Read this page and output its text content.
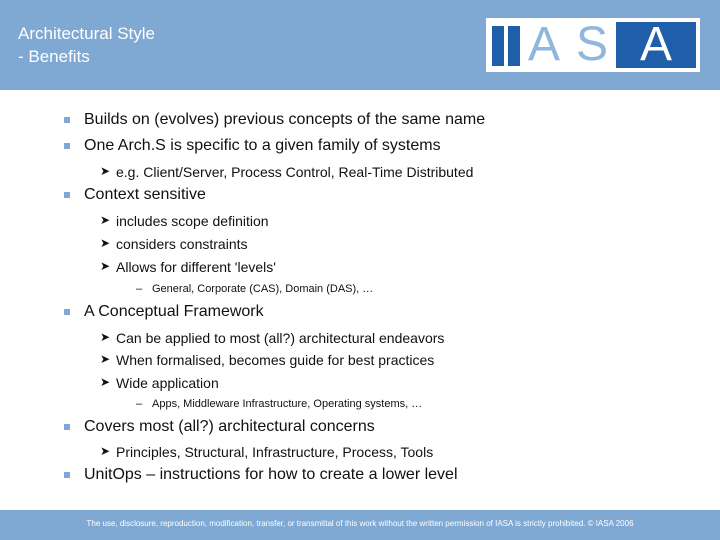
Architectural Style
- Benefits	A S A
Builds on (evolves) previous concepts of the same name
One Arch.S is specific to a given family of systems
➤ e.g. Client/Server, Process Control, Real-Time Distributed
Context sensitive
➤ includes scope definition
➤ considers constraints
➤ Allows for different 'levels'
– General, Corporate (CAS), Domain (DAS), …
A Conceptual Framework
➤ Can be applied to most (all?) architectural endeavors
➤ When formalised, becomes guide for best practices
➤ Wide application
– Apps, Middleware Infrastructure, Operating systems, …
Covers most (all?) architectural concerns
➤ Principles, Structural, Infrastructure, Process, Tools
UnitOps – instructions for how to create a lower level
The use, disclosure, reproduction, modification, transfer, or transmittal of this work without the written permission of IASA is strictly prohibited. © IASA 2006
